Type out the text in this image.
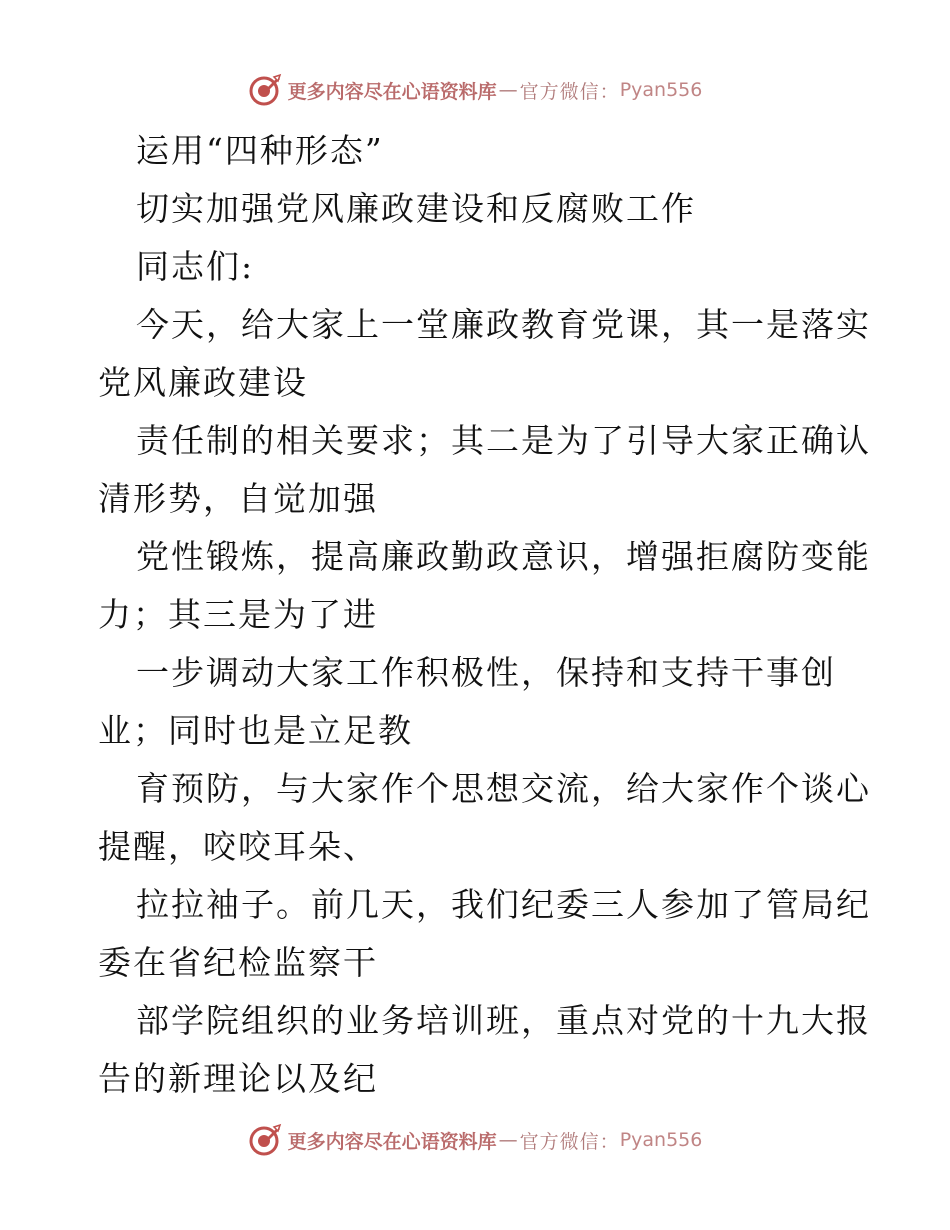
更多内容尽在心语资料库 — 官方微信： Pyan556
运用“四种形态”
切实加强党风廉政建设和反腐败工作
同志们:
今天，给大家上一堂廉政教育党课，其一是落实
党风廉政建设
责任制的相关要求；其二是为了引导大家正确认
清形势，自觉加强
党性锻炼，提高廉政勤政意识，增强拒腐防变能
力；其三是为了进
一步调动大家工作积极性，保持和支持干事创
业；同时也是立足教
育预防，与大家作个思想交流，给大家作个谈心
提醒，咬咬耳朵、
拉拉袖子。前几天，我们纪委三人参加了管局纪
委在省纪检监察干
部学院组织的业务培训班，重点对党的十九大报
告的新理论以及纪
更多内容尽在心语资料库 — 官方微信： Pyan556
